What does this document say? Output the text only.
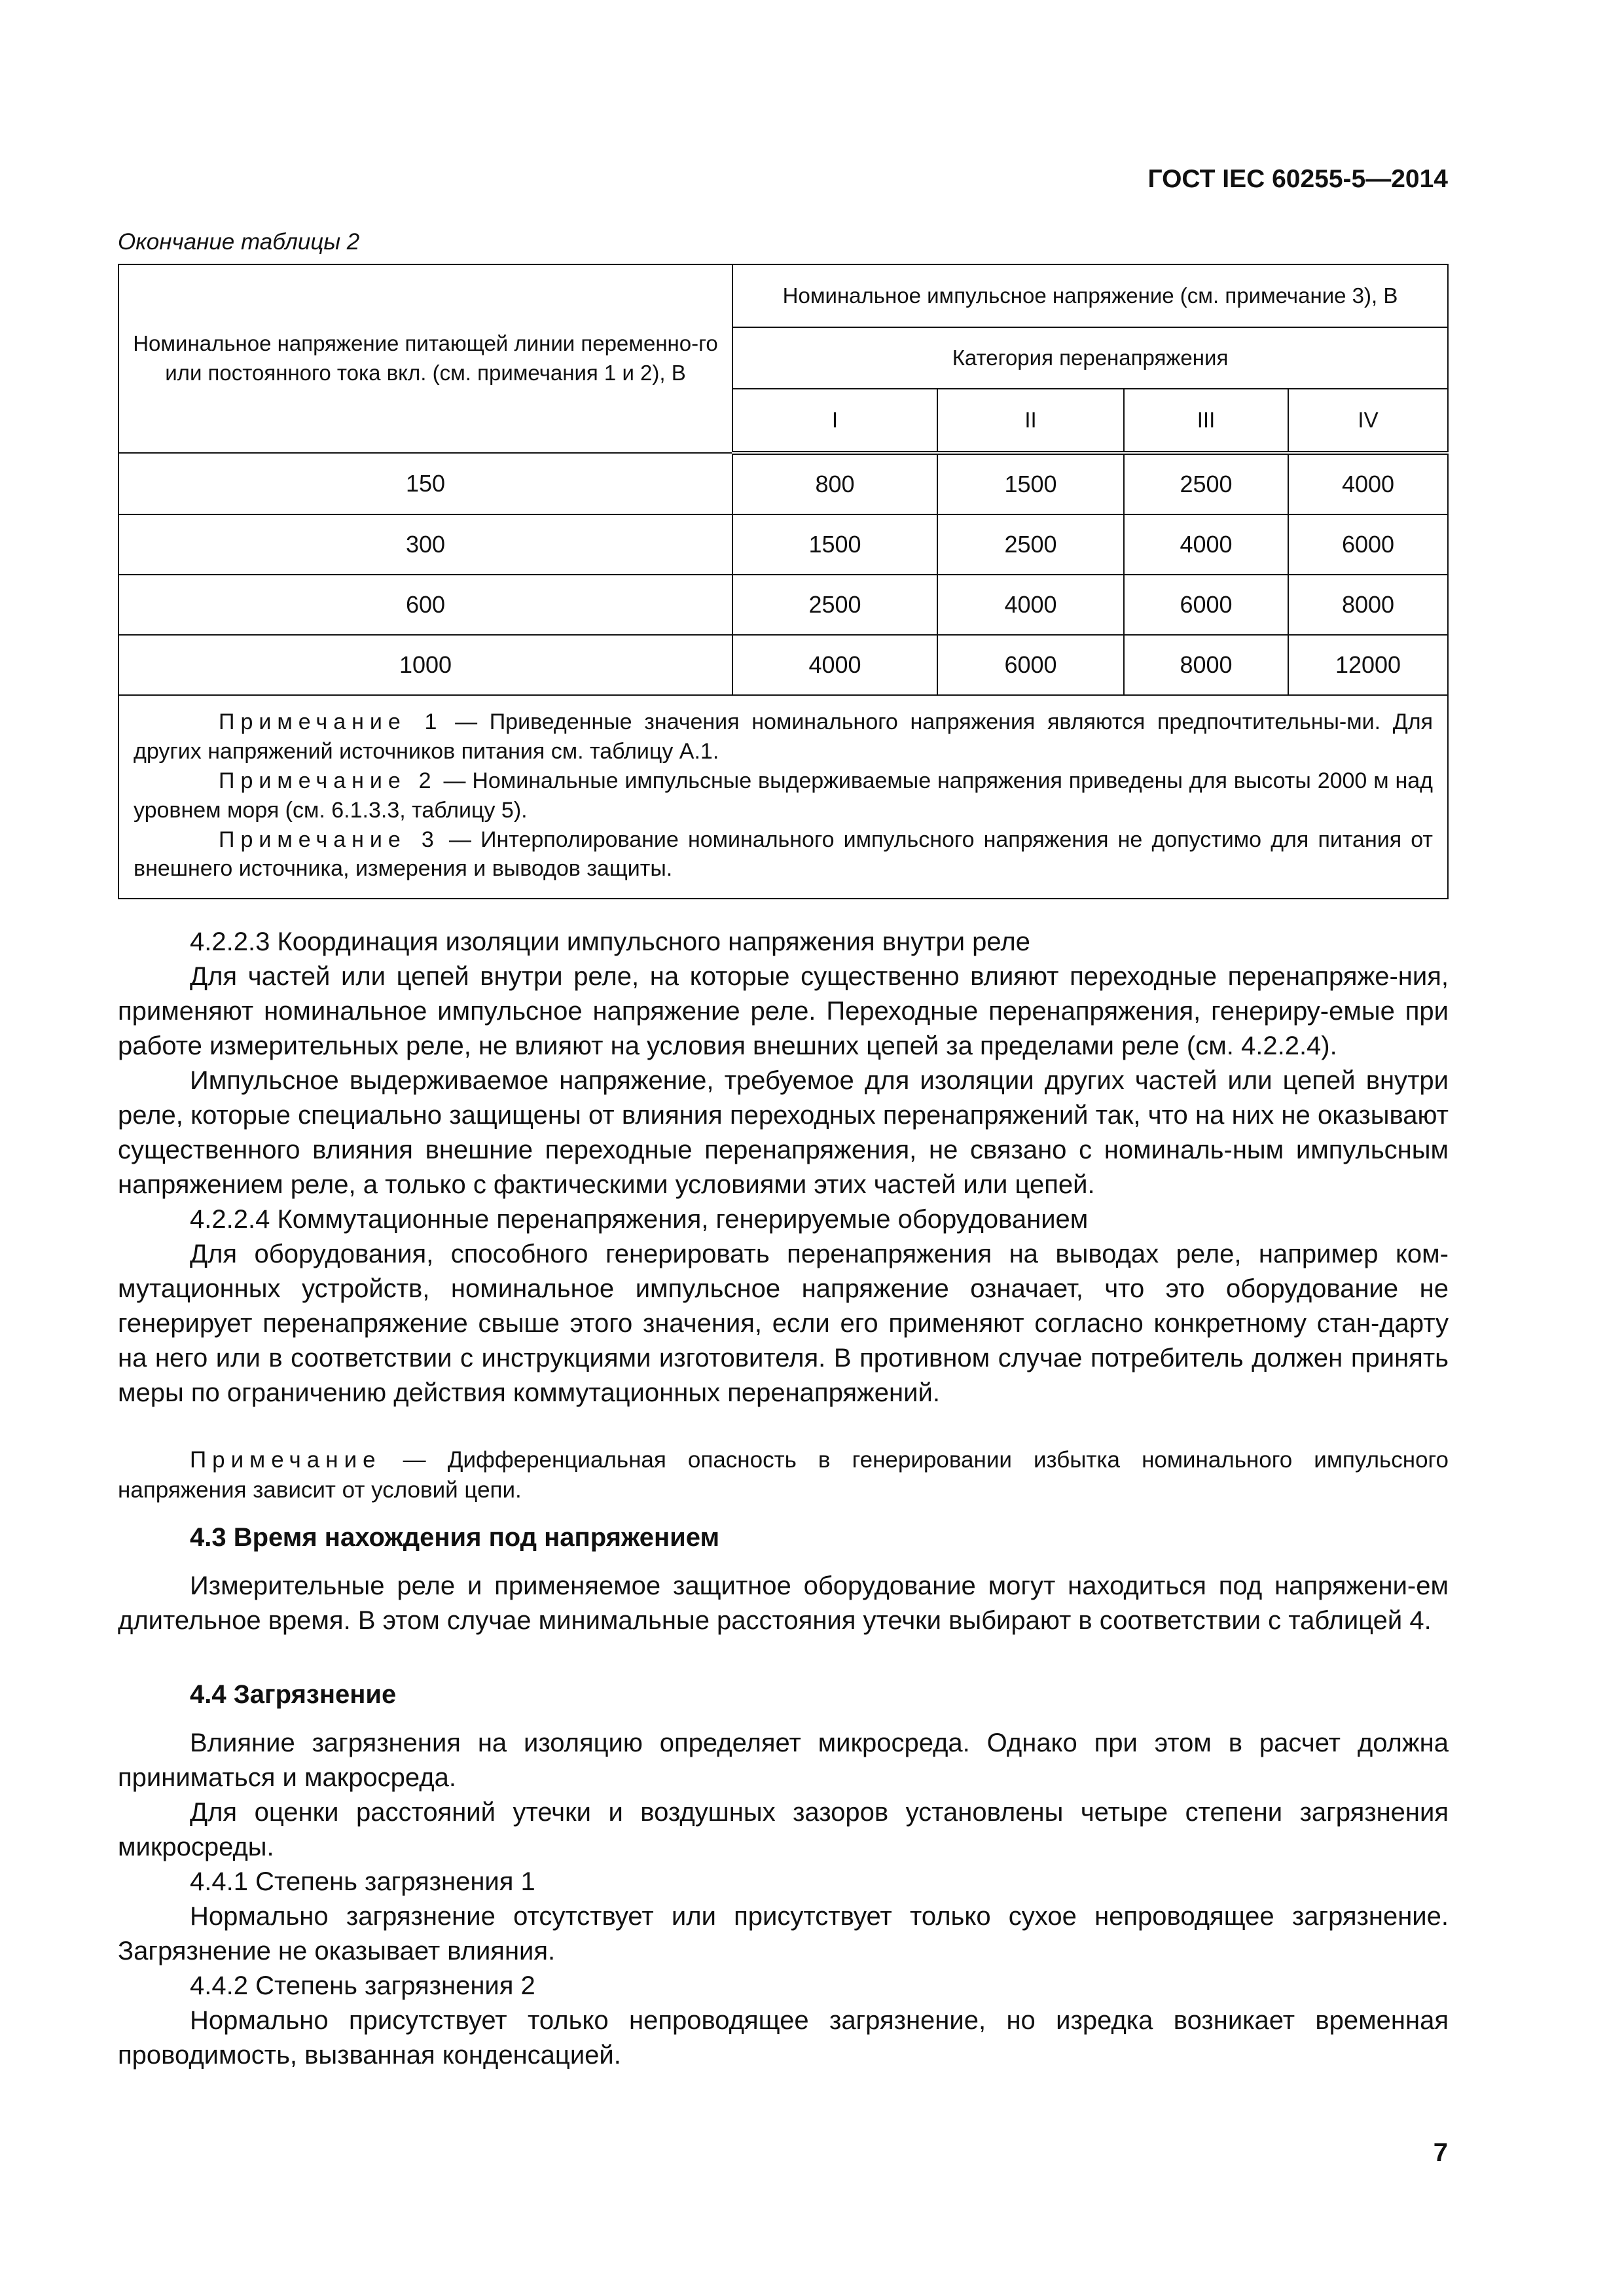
ГОСТ IEC 60255-5—2014
Окончание таблицы 2
Номинальное напряжение питающей линии переменно-го или постоянного тока вкл. (см. примечания 1 и 2), В	Номинальное импульсное напряжение (см. примечание 3), В			
	Категория перенапряжения			
	I	II	III	IV
150	800	1500	2500	4000
300	1500	2500	4000	6000
600	2500	4000	6000	8000
1000	4000	6000	8000	12000

Примечание 1 — Приведенные значения номинального напряжения являются предпочтительны-ми. Для других напряжений источников питания см. таблицу А.1.

Примечание 2 — Номинальные импульсные выдерживаемые напряжения приведены для высоты 2000 м над уровнем моря (см. 6.1.3.3, таблицу 5).

Примечание 3 — Интерполирование номинального импульсного напряжения не допустимо для питания от внешнего источника, измерения и выводов защиты.				

4.2.2.3 Координация изоляции импульсного напряжения внутри реле

Для частей или цепей внутри реле, на которые существенно влияют переходные перенапряже-ния, применяют номинальное импульсное напряжение реле. Переходные перенапряжения, генериру-емые при работе измерительных реле, не влияют на условия внешних цепей за пределами реле (см. 4.2.2.4).

Импульсное выдерживаемое напряжение, требуемое для изоляции других частей или цепей внутри реле, которые специально защищены от влияния переходных перенапряжений так, что на них не оказывают существенного влияния внешние переходные перенапряжения, не связано с номиналь-ным импульсным напряжением реле, а только с фактическими условиями этих частей или цепей.

4.2.2.4 Коммутационные перенапряжения, генерируемые оборудованием

Для оборудования, способного генерировать перенапряжения на выводах реле, например ком-мутационных устройств, номинальное импульсное напряжение означает, что это оборудование не генерирует перенапряжение свыше этого значения, если его применяют согласно конкретному стан-дарту на него или в соответствии с инструкциями изготовителя. В противном случае потребитель должен принять меры по ограничению действия коммутационных перенапряжений.

Примечание — Дифференциальная опасность в генерировании избытка номинального импульсного напряжения зависит от условий цепи.

4.3 Время нахождения под напряжением

Измерительные реле и применяемое защитное оборудование могут находиться под напряжени-ем длительное время. В этом случае минимальные расстояния утечки выбирают в соответствии с таблицей 4.

4.4 Загрязнение

Влияние загрязнения на изоляцию определяет микросреда. Однако при этом в расчет должна приниматься и макросреда.

Для оценки расстояний утечки и воздушных зазоров установлены четыре степени загрязнения микросреды.

4.4.1 Степень загрязнения 1

Нормально загрязнение отсутствует или присутствует только сухое непроводящее загрязнение. Загрязнение не оказывает влияния.

4.4.2 Степень загрязнения 2

Нормально присутствует только непроводящее загрязнение, но изредка возникает временная проводимость, вызванная конденсацией.

7
